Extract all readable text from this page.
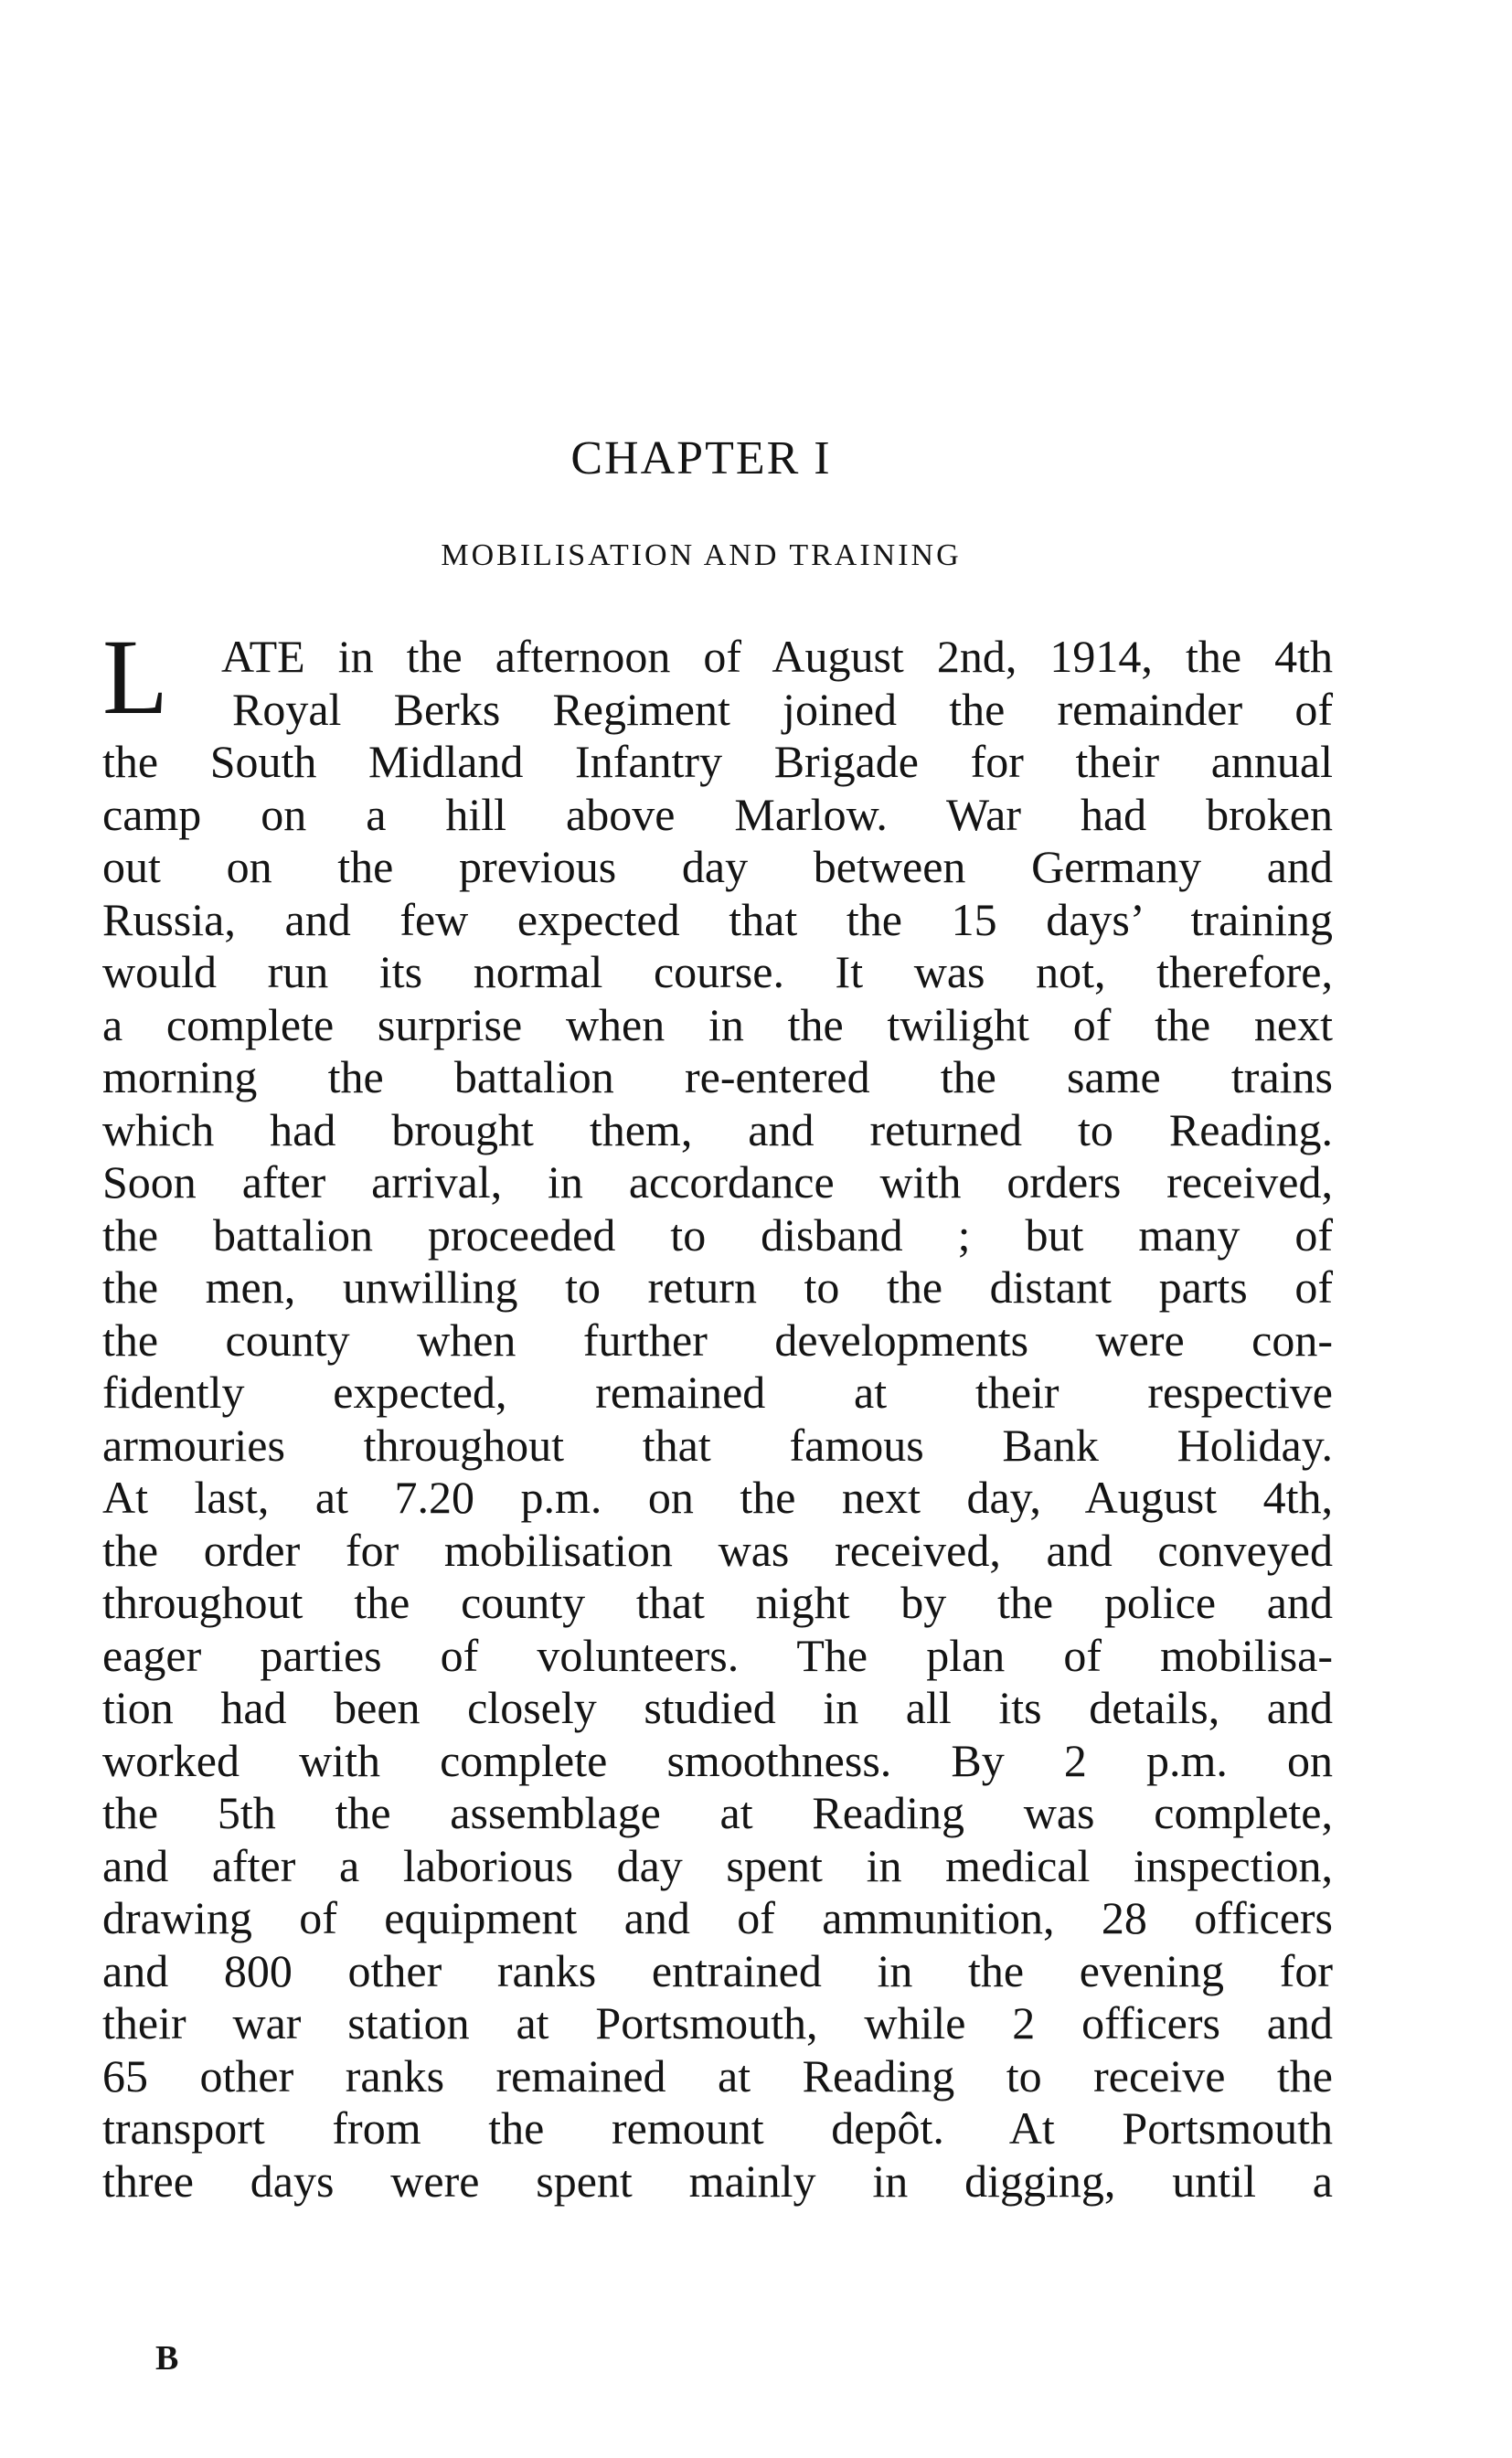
CHAPTER I
MOBILISATION AND TRAINING
L	ATE in the afternoon of August 2nd, 1914, the 4th
Royal Berks Regiment joined the remainder of
the South Midland Infantry Brigade for their annual
camp on a hill above Marlow. War had broken
out on the previous day between Germany and
Russia, and few expected that the 15 days’ training
would run its normal course. It was not, therefore,
a complete surprise when in the twilight of the next
morning the battalion re-entered the same trains
which had brought them, and returned to Reading.
Soon after arrival, in accordance with orders received,
the battalion proceeded to disband ; but many of
the men, unwilling to return to the distant parts of
the county when further developments were con-
fidently expected, remained at their respective
armouries throughout that famous Bank Holiday.
At last, at 7.20 p.m. on the next day, August 4th,
the order for mobilisation was received, and conveyed
throughout the county that night by the police and
eager parties of volunteers. The plan of mobilisa-
tion had been closely studied in all its details, and
worked with complete smoothness. By 2 p.m. on
the 5th the assemblage at Reading was complete,
and after a laborious day spent in medical inspection,
drawing of equipment and of ammunition, 28 officers
and 800 other ranks entrained in the evening for
their war station at Portsmouth, while 2 officers and
65 other ranks remained at Reading to receive the
transport from the remount depôt. At Portsmouth
three days were spent mainly in digging, until a
B
